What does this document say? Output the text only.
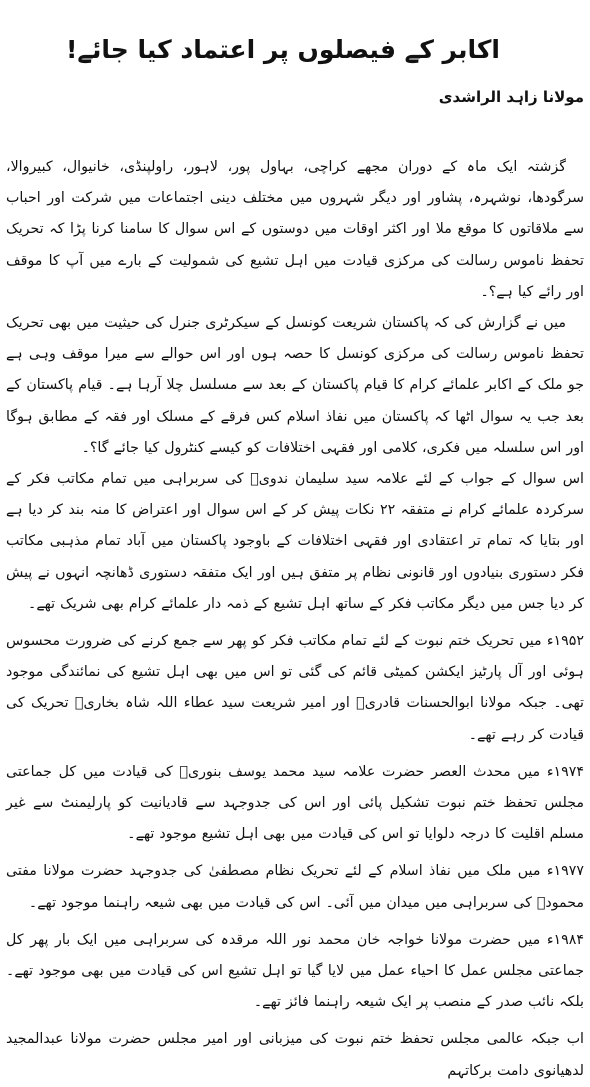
اکابر کے فیصلوں پر اعتماد کیا جائے!
مولانا زاہد الراشدی

گزشتہ ایک ماہ کے دوران مجھے کراچی، بہاول پور، لاہور، راولپنڈی، خانیوال، کبیروالا، سرگودھا، نوشہرہ، پشاور اور دیگر شہروں میں مختلف دینی اجتماعات میں شرکت اور احباب سے ملاقاتوں کا موقع ملا اور اکثر اوقات میں دوستوں کے اس سوال کا سامنا کرنا پڑا کہ تحریک تحفظ ناموس رسالت کی مرکزی قیادت میں اہل تشیع کی شمولیت کے بارے میں آپ کا موقف اور رائے کیا ہے؟۔

میں نے گزارش کی کہ پاکستان شریعت کونسل کے سیکرٹری جنرل کی حیثیت میں بھی تحریک تحفظ ناموس رسالت کی مرکزی کونسل کا حصہ ہوں اور اس حوالے سے میرا موقف وہی ہے جو ملک کے اکابر علمائے کرام کا قیام پاکستان کے بعد سے مسلسل چلا آرہا ہے۔ قیام پاکستان کے بعد جب یہ سوال اٹھا کہ پاکستان میں نفاذ اسلام کس فرقے کے مسلک اور فقہ کے مطابق ہوگا اور اس سلسلہ میں فکری، کلامی اور فقہی اختلافات کو کیسے کنٹرول کیا جائے گا؟۔

اس سوال کے جواب کے لئے علامہ سید سلیمان ندویؒ کی سربراہی میں تمام مکاتب فکر کے سرکردہ علمائے کرام نے متفقہ ۲۲ نکات پیش کر کے اس سوال اور اعتراض کا منہ بند کر دیا ہے اور بتایا کہ تمام تر اعتقادی اور فقہی اختلافات کے باوجود پاکستان میں آباد تمام مذہبی مکاتب فکر دستوری بنیادوں اور قانونی نظام پر متفق ہیں اور ایک متفقہ دستوری ڈھانچہ انہوں نے پیش کر دیا جس میں دیگر مکاتب فکر کے ساتھ اہل تشیع کے ذمہ دار علمائے کرام بھی شریک تھے۔

۱۹۵۲ء میں تحریک ختم نبوت کے لئے تمام مکاتب فکر کو پھر سے جمع کرنے کی ضرورت محسوس ہوئی اور آل پارٹیز ایکشن کمیٹی قائم کی گئی تو اس میں بھی اہل تشیع کی نمائندگی موجود تھی۔ جبکہ مولانا ابوالحسنات قادریؒ اور امیر شریعت سید عطاء اللہ شاہ بخاریؒ تحریک کی قیادت کر رہے تھے۔

۱۹۷۴ء میں محدث العصر حضرت علامہ سید محمد یوسف بنوریؒ کی قیادت میں کل جماعتی مجلس تحفظ ختم نبوت تشکیل پائی اور اس کی جدوجہد سے قادیانیت کو پارلیمنٹ سے غیر مسلم اقلیت کا درجہ دلوایا تو اس کی قیادت میں بھی اہل تشیع موجود تھے۔

۱۹۷۷ء میں ملک میں نفاذ اسلام کے لئے تحریک نظام مصطفیٰ کی جدوجہد حضرت مولانا مفتی محمودؒ کی سربراہی میں میدان میں آئی۔ اس کی قیادت میں بھی شیعہ راہنما موجود تھے۔

۱۹۸۴ء میں حضرت مولانا خواجہ خان محمد نور اللہ مرقدہ کی سربراہی میں ایک بار پھر کل جماعتی مجلس عمل کا احیاء عمل میں لایا گیا تو اہل تشیع اس کی قیادت میں بھی موجود تھے۔ بلکہ نائب صدر کے منصب پر ایک شیعہ راہنما فائز تھے۔

اب جبکہ عالمی مجلس تحفظ ختم نبوت کی میزبانی اور امیر مجلس حضرت مولانا عبدالمجید لدھیانوی دامت برکاتہم
